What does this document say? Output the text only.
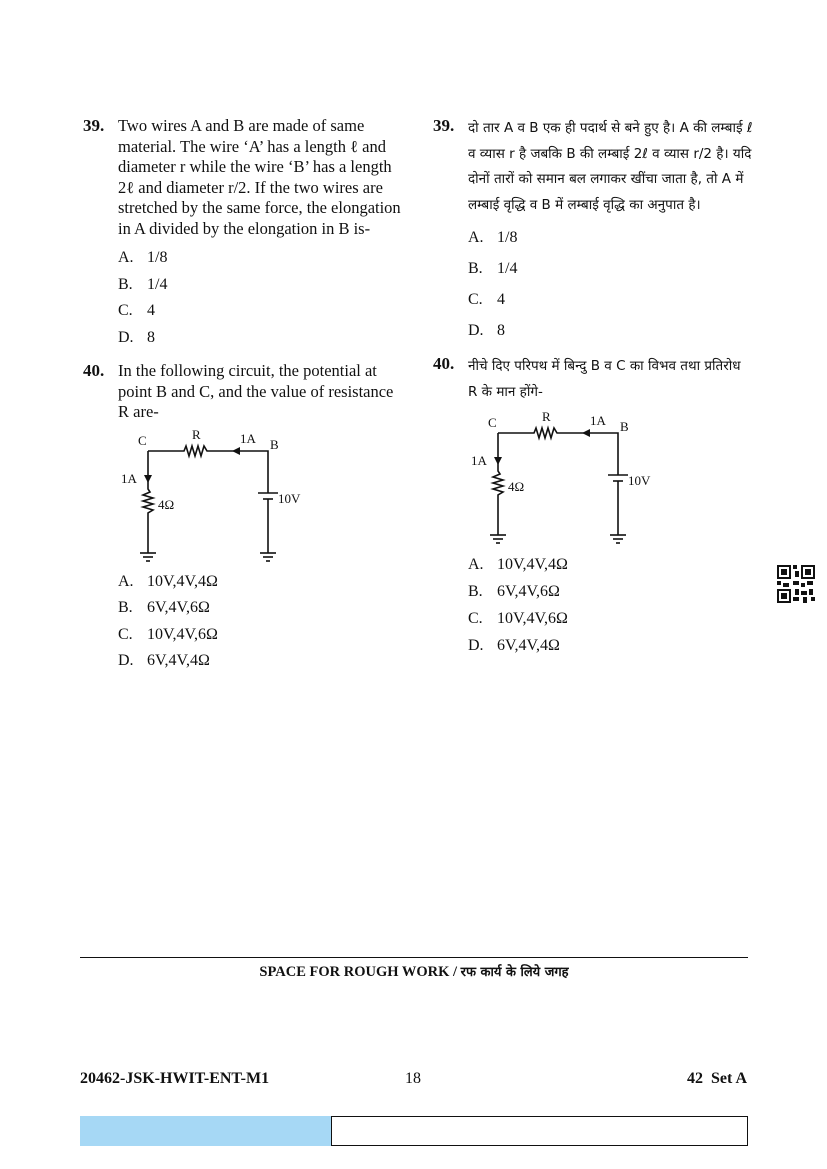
39. Two wires A and B are made of same material. The wire ‘A’ has a length ℓ and diameter r while the wire ‘B’ has a length 2ℓ and diameter r/2. If the two wires are stretched by the same force, the elongation in A divided by the elongation in B is-

A. 1/8
B. 1/4
C. 4
D. 8
40. In the following circuit, the potential at point B and C, and the value of resistance R are-

C	R	1A B
1A
4Ω	10V
A. 10V,4V,4Ω
B. 6V,4V,6Ω
C. 10V,4V,6Ω
D. 6V,4V,4Ω
39. दो तार A व B एक ही पदार्थ से बने हुए है। A की लम्बाई ℓ व व्यास r है जबकि B की लम्बाई 2ℓ व व्यास r/2 है। यदि दोनों तारों को समान बल लगाकर खींचा जाता है, तो A में लम्बाई वृद्धि व B में लम्बाई वृद्धि का अनुपात है।

A. 1/8
B. 1/4
C. 4
D. 8
40. नीचे दिए परिपथ में बिन्दु B व C का विभव तथा प्रतिरोध R के मान होंगे-

C	R	1A B
1A
4Ω	10V
A. 10V,4V,4Ω
B. 6V,4V,6Ω
C. 10V,4V,6Ω
D. 6V,4V,4Ω
SPACE FOR ROUGH WORK / रफ कार्य के लिये जगह
20462-JSK-HWIT-ENT-M1	18	42  Set A
